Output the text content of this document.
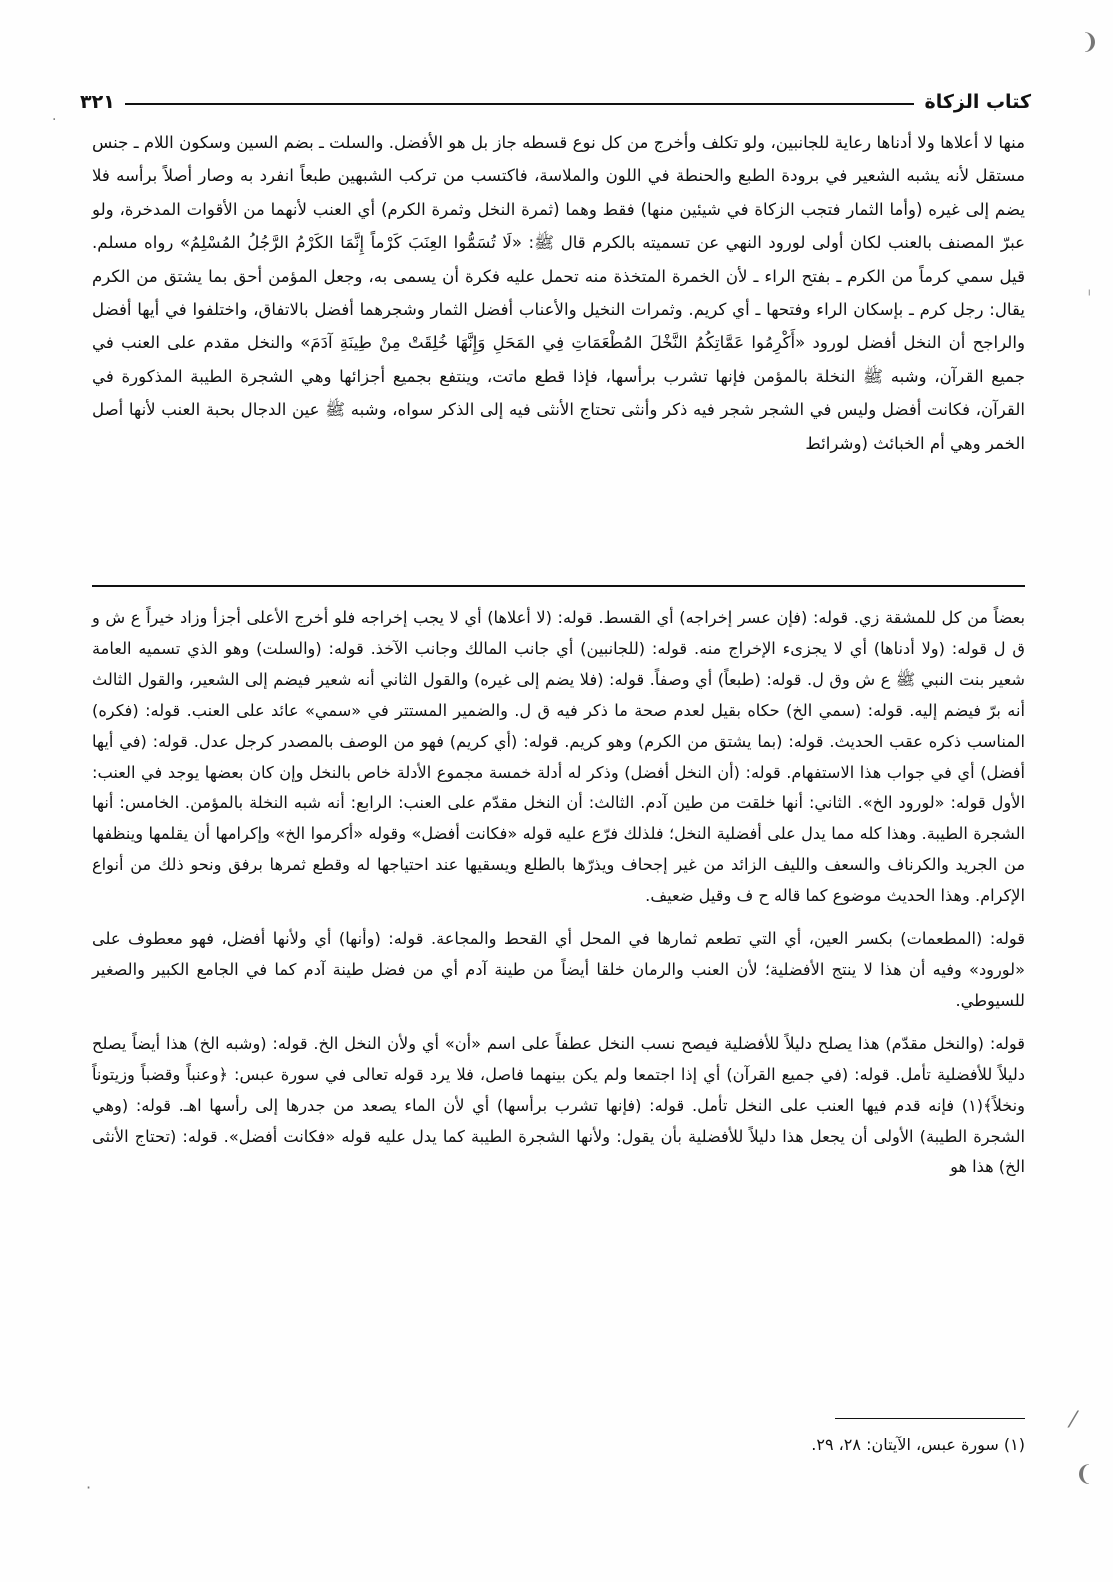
كتاب الزكاة
٣٢١

منها لا أعلاها ولا أدناها رعاية للجانبين، ولو تكلف وأخرج من كل نوع قسطه جاز بل هو الأفضل. والسلت ـ بضم السين وسكون اللام ـ جنس مستقل لأنه يشبه الشعير في برودة الطبع والحنطة في اللون والملاسة، فاكتسب من تركب الشبهين طبعاً انفرد به وصار أصلاً برأسه فلا يضم إلى غيره (وأما الثمار فتجب الزكاة في شيئين منها) فقط وهما (ثمرة النخل وثمرة الكرم) أي العنب لأنهما من الأقوات المدخرة، ولو عبرّ المصنف بالعنب لكان أولى لورود النهي عن تسميته بالكرم قال ﷺ: «لَا تُسَمُّوا العِنَبَ كَرْماً إِنَّمَا الكَرْمُ الرَّجُلُ المُسْلِمُ» رواه مسلم. قيل سمي كرماً من الكرم ـ بفتح الراء ـ لأن الخمرة المتخذة منه تحمل عليه فكرة أن يسمى به، وجعل المؤمن أحق بما يشتق من الكرم يقال: رجل كرم ـ بإسكان الراء وفتحها ـ أي كريم. وثمرات النخيل والأعناب أفضل الثمار وشجرهما أفضل بالاتفاق، واختلفوا في أيها أفضل والراجح أن النخل أفضل لورود «أَكْرِمُوا عَمَّاتِكُمُ النَّخْلَ المُطْعَمَاتِ فِي المَحَلِ وَإِنَّهَا خُلِقَتْ مِنْ طِينَةِ آدَمَ» والنخل مقدم على العنب في جميع القرآن، وشبه ﷺ النخلة بالمؤمن فإنها تشرب برأسها، فإذا قطع ماتت، وينتفع بجميع أجزائها وهي الشجرة الطيبة المذكورة في القرآن، فكانت أفضل وليس في الشجر شجر فيه ذكر وأنثى تحتاج الأنثى فيه إلى الذكر سواه، وشبه ﷺ عين الدجال بحبة العنب لأنها أصل الخمر وهي أم الخبائث (وشرائط

بعضاً من كل للمشقة زي. قوله: (فإن عسر إخراجه) أي القسط. قوله: (لا أعلاها) أي لا يجب إخراجه فلو أخرج الأعلى أجزأ وزاد خيراً ع ش و ق ل قوله: (ولا أدناها) أي لا يجزىء الإخراج منه. قوله: (للجانبين) أي جانب المالك وجانب الآخذ. قوله: (والسلت) وهو الذي تسميه العامة شعير بنت النبي ﷺ ع ش وق ل. قوله: (طبعاً) أي وصفاً. قوله: (فلا يضم إلى غيره) والقول الثاني أنه شعير فيضم إلى الشعير، والقول الثالث أنه برّ فيضم إليه. قوله: (سمي الخ) حكاه بقيل لعدم صحة ما ذكر فيه ق ل. والضمير المستتر في «سمي» عائد على العنب. قوله: (فكره) المناسب ذكره عقب الحديث. قوله: (بما يشتق من الكرم) وهو كريم. قوله: (أي كريم) فهو من الوصف بالمصدر كرجل عدل. قوله: (في أيها أفضل) أي في جواب هذا الاستفهام. قوله: (أن النخل أفضل) وذكر له أدلة خمسة مجموع الأدلة خاص بالنخل وإن كان بعضها يوجد في العنب: الأول قوله: «لورود الخ». الثاني: أنها خلقت من طين آدم. الثالث: أن النخل مقدّم على العنب: الرابع: أنه شبه النخلة بالمؤمن. الخامس: أنها الشجرة الطيبة. وهذا كله مما يدل على أفضلية النخل؛ فلذلك فرّع عليه قوله «فكانت أفضل» وقوله «أكرموا الخ» وإكرامها أن يقلمها وينظفها من الجريد والكرناف والسعف والليف الزائد من غير إجحاف ويذرّها بالطلع ويسقيها عند احتياجها له وقطع ثمرها برفق ونحو ذلك من أنواع الإكرام. وهذا الحديث موضوع كما قاله ح ف وقيل ضعيف.

قوله: (المطعمات) بكسر العين، أي التي تطعم ثمارها في المحل أي القحط والمجاعة. قوله: (وأنها) أي ولأنها أفضل، فهو معطوف على «لورود» وفيه أن هذا لا ينتج الأفضلية؛ لأن العنب والرمان خلقا أيضاً من طينة آدم أي من فضل طينة آدم كما في الجامع الكبير والصغير للسيوطي.

قوله: (والنخل مقدّم) هذا يصلح دليلاً للأفضلية فيصح نسب النخل عطفاً على اسم «أن» أي ولأن النخل الخ. قوله: (وشبه الخ) هذا أيضاً يصلح دليلاً للأفضلية تأمل. قوله: (في جميع القرآن) أي إذا اجتمعا ولم يكن بينهما فاصل، فلا يرد قوله تعالى في سورة عبس: ﴿وعنباً وقضباً وزيتوناً ونخلاً﴾(١) فإنه قدم فيها العنب على النخل تأمل. قوله: (فإنها تشرب برأسها) أي لأن الماء يصعد من جدرها إلى رأسها اهـ. قوله: (وهي الشجرة الطيبة) الأولى أن يجعل هذا دليلاً للأفضلية بأن يقول: ولأنها الشجرة الطيبة كما يدل عليه قوله «فكانت أفضل». قوله: (تحتاج الأنثى الخ) هذا هو

(١) سورة عبس، الآيتان: ٢٨، ٢٩.
❨
⁄
❩
·
ˡ
·
